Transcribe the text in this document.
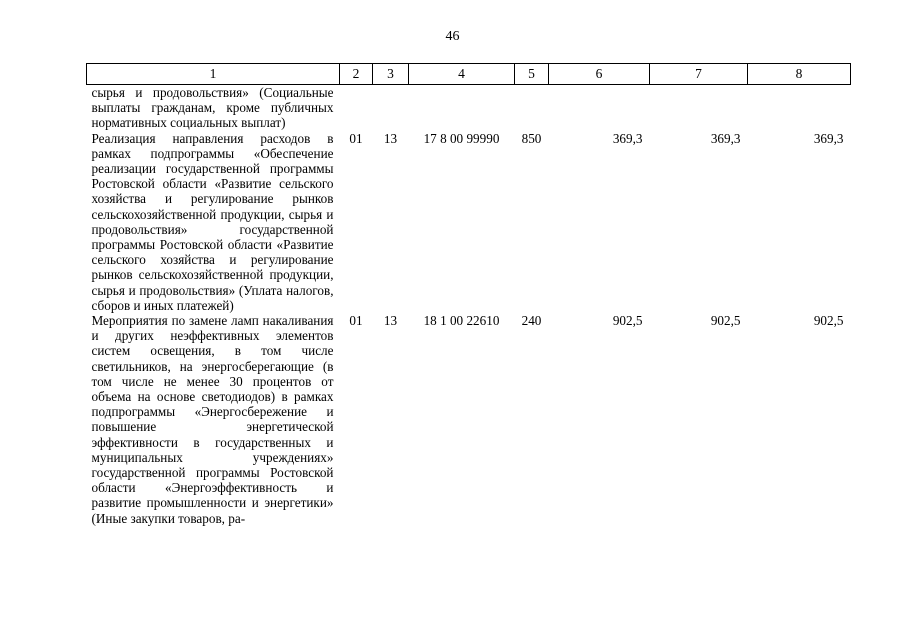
46
1	2	3	4	5	6	7	8
сырья и продовольствия» (Социальные выплаты гражданам, кроме публичных нормативных социальных выплат)							
Реализация направления расходов в рамках подпрограммы «Обеспечение реализации государственной программы Ростовской области «Развитие сельского хозяйства и регулирование рынков сельскохозяйственной продукции, сырья и продовольствия» государственной программы Ростовской области «Развитие сельского хозяйства и регулирование рынков сельскохозяйственной продукции, сырья и продовольствия» (Уплата налогов, сборов и иных платежей)	01	13	17 8 00 99990	850	369,3	369,3	369,3
Мероприятия по замене ламп накаливания и других неэффективных элементов систем освещения, в том числе светильников, на энергосберегающие (в том числе не менее 30 процентов от объема на основе светодиодов) в рамках подпрограммы «Энергосбережение и повышение энергетической эффективности в государственных и муниципальных учреждениях» государственной программы Ростовской области «Энергоэффективность и развитие промышленности и энергетики» (Иные закупки товаров, ра-	01	13	18 1 00 22610	240	902,5	902,5	902,5
